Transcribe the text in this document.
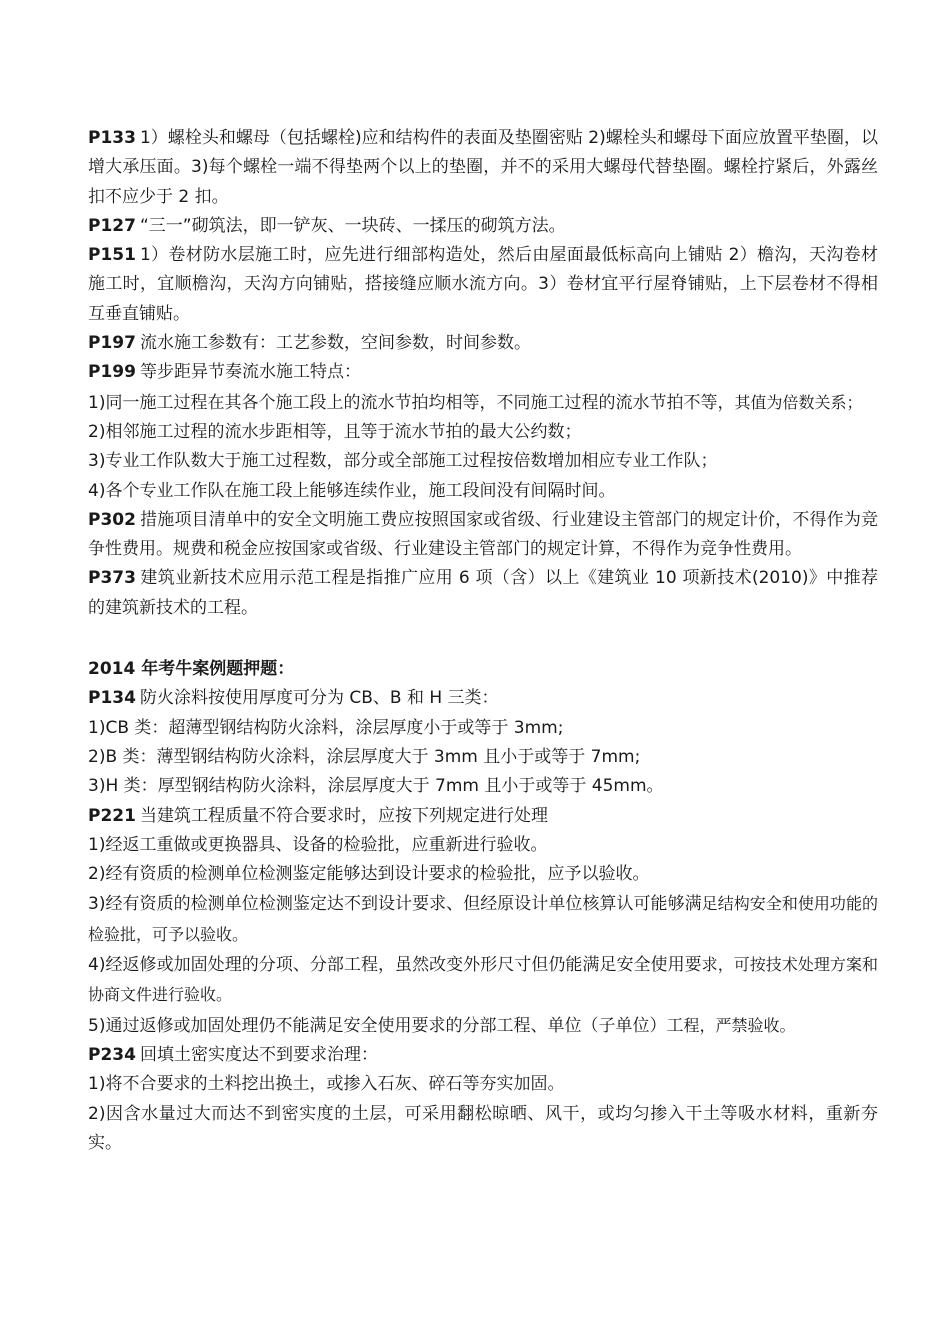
P133 1）螺栓头和螺母（包括螺栓)应和结构件的表面及垫圈密贴 2)螺栓头和螺母下面应放置平垫圈，以增大承压面。3)每个螺栓一端不得垫两个以上的垫圈，并不的采用大螺母代替垫圈。螺栓拧紧后，外露丝扣不应少于 2 扣。

P127 “三一”砌筑法，即一铲灰、一块砖、一揉压的砌筑方法。

P151 1）卷材防水层施工时，应先进行细部构造处，然后由屋面最低标高向上铺贴 2）檐沟，天沟卷材施工时，宜顺檐沟，天沟方向铺贴，搭接缝应顺水流方向。3）卷材宜平行屋脊铺贴，上下层卷材不得相互垂直铺贴。

P197 流水施工参数有：工艺参数，空间参数，时间参数。

P199 等步距异节奏流水施工特点：

1)同一施工过程在其各个施工段上的流水节拍均相等，不同施工过程的流水节拍不等，其值为倍数关系；

2)相邻施工过程的流水步距相等，且等于流水节拍的最大公约数；

3)专业工作队数大于施工过程数，部分或全部施工过程按倍数增加相应专业工作队；

4)各个专业工作队在施工段上能够连续作业，施工段间没有间隔时间。

P302 措施项目清单中的安全文明施工费应按照国家或省级、行业建设主管部门的规定计价，不得作为竞争性费用。规费和税金应按国家或省级、行业建设主管部门的规定计算，不得作为竞争性费用。

P373 建筑业新技术应用示范工程是指推广应用 6 项（含）以上《建筑业 10 项新技术(2010)》中推荐的建筑新技术的工程。

2014 年考牛案例题押题：

P134 防火涂料按使用厚度可分为 CB、B 和 H 三类：

1)CB 类：超薄型钢结构防火涂料，涂层厚度小于或等于 3mm;

2)B 类：薄型钢结构防火涂料，涂层厚度大于 3mm 且小于或等于 7mm;

3)H 类：厚型钢结构防火涂料，涂层厚度大于 7mm 且小于或等于 45mm。

P221 当建筑工程质量不符合要求时，应按下列规定进行处理

1)经返工重做或更换器具、设备的检验批，应重新进行验收。

2)经有资质的检测单位检测鉴定能够达到设计要求的检验批，应予以验收。

3)经有资质的检测单位检测鉴定达不到设计要求、但经原设计单位核算认可能够满足结构安全和使用功能的检验批，可予以验收。

4)经返修或加固处理的分项、分部工程，虽然改变外形尺寸但仍能满足安全使用要求，可按技术处理方案和协商文件进行验收。

5)通过返修或加固处理仍不能满足安全使用要求的分部工程、单位（子单位）工程，严禁验收。

P234 回填土密实度达不到要求治理：

1)将不合要求的土料挖出换土，或掺入石灰、碎石等夯实加固。

2)因含水量过大而达不到密实度的土层，可采用翻松晾晒、风干，或均匀掺入干土等吸水材料，重新夯实。
